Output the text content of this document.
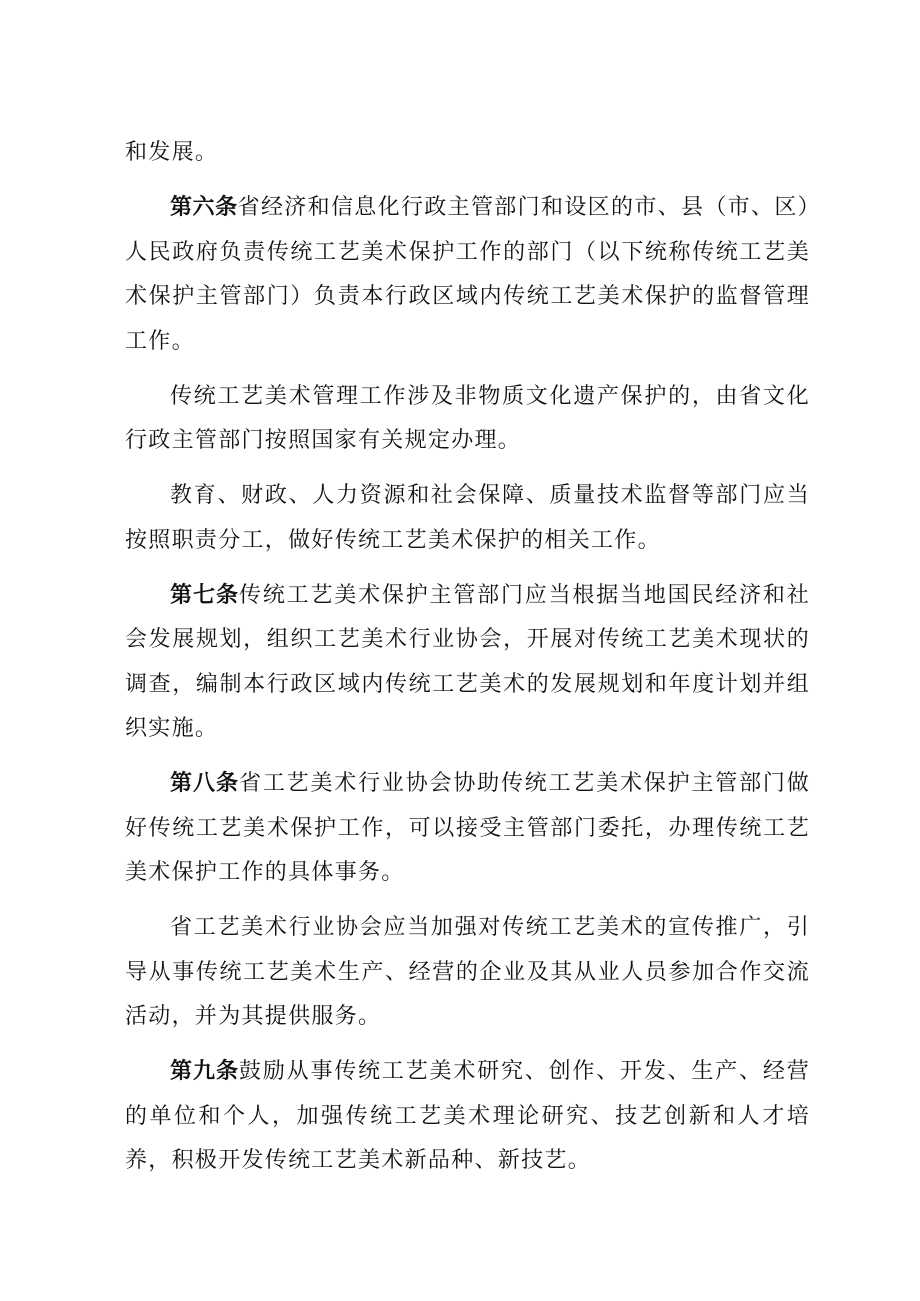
和发展。

第六条省经济和信息化行政主管部门和设区的市、县（市、区）人民政府负责传统工艺美术保护工作的部门（以下统称传统工艺美术保护主管部门）负责本行政区域内传统工艺美术保护的监督管理工作。

传统工艺美术管理工作涉及非物质文化遗产保护的，由省文化行政主管部门按照国家有关规定办理。

教育、财政、人力资源和社会保障、质量技术监督等部门应当按照职责分工，做好传统工艺美术保护的相关工作。

第七条传统工艺美术保护主管部门应当根据当地国民经济和社会发展规划，组织工艺美术行业协会，开展对传统工艺美术现状的调查，编制本行政区域内传统工艺美术的发展规划和年度计划并组织实施。

第八条省工艺美术行业协会协助传统工艺美术保护主管部门做好传统工艺美术保护工作，可以接受主管部门委托，办理传统工艺美术保护工作的具体事务。

省工艺美术行业协会应当加强对传统工艺美术的宣传推广，引导从事传统工艺美术生产、经营的企业及其从业人员参加合作交流活动，并为其提供服务。

第九条鼓励从事传统工艺美术研究、创作、开发、生产、经营的单位和个人，加强传统工艺美术理论研究、技艺创新和人才培养，积极开发传统工艺美术新品种、新技艺。
